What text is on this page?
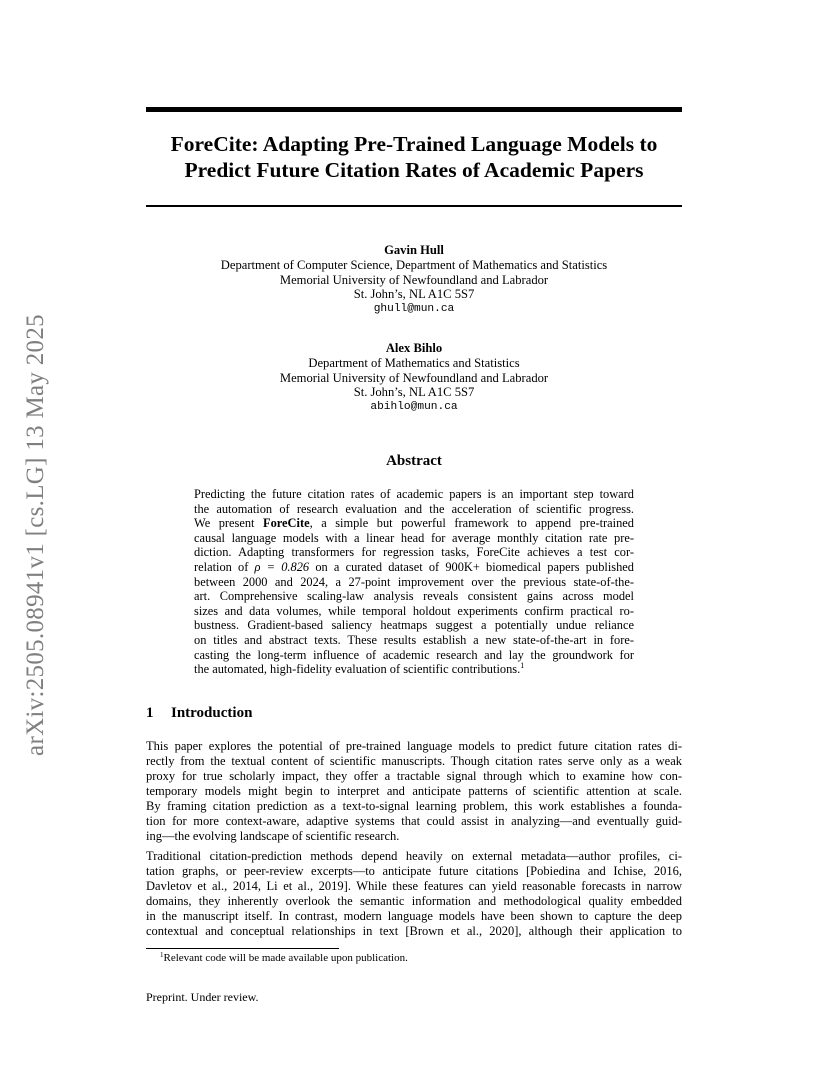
arXiv:2505.08941v1 [cs.LG] 13 May 2025
ForeCite: Adapting Pre-Trained Language Models to
Predict Future Citation Rates of Academic Papers
Gavin Hull
Department of Computer Science, Department of Mathematics and Statistics
Memorial University of Newfoundland and Labrador
St. John’s, NL A1C 5S7
ghull@mun.ca
Alex Bihlo
Department of Mathematics and Statistics
Memorial University of Newfoundland and Labrador
St. John’s, NL A1C 5S7
abihlo@mun.ca
Abstract
Predicting the future citation rates of academic papers is an important step toward
the automation of research evaluation and the acceleration of scientific progress.
We present ForeCite, a simple but powerful framework to append pre-trained
causal language models with a linear head for average monthly citation rate pre-
diction. Adapting transformers for regression tasks, ForeCite achieves a test cor-
relation of ρ = 0.826 on a curated dataset of 900K+ biomedical papers published
between 2000 and 2024, a 27-point improvement over the previous state-of-the-
art. Comprehensive scaling-law analysis reveals consistent gains across model
sizes and data volumes, while temporal holdout experiments confirm practical ro-
bustness. Gradient-based saliency heatmaps suggest a potentially undue reliance
on titles and abstract texts. These results establish a new state-of-the-art in fore-
casting the long-term influence of academic research and lay the groundwork for
the automated, high-fidelity evaluation of scientific contributions.$^1$
1 Introduction
This paper explores the potential of pre-trained language models to predict future citation rates di-
rectly from the textual content of scientific manuscripts. Though citation rates serve only as a weak
proxy for true scholarly impact, they offer a tractable signal through which to examine how con-
temporary models might begin to interpret and anticipate patterns of scientific attention at scale.
By framing citation prediction as a text-to-signal learning problem, this work establishes a founda-
tion for more context-aware, adaptive systems that could assist in analyzing—and eventually guid-
ing—the evolving landscape of scientific research.
Traditional citation-prediction methods depend heavily on external metadata—author profiles, ci-
tation graphs, or peer-review excerpts—to anticipate future citations [Pobiedina and Ichise, 2016,
Davletov et al., 2014, Li et al., 2019]. While these features can yield reasonable forecasts in narrow
domains, they inherently overlook the semantic information and methodological quality embedded
in the manuscript itself. In contrast, modern language models have been shown to capture the deep
contextual and conceptual relationships in text [Brown et al., 2020], although their application to
$^1$Relevant code will be made available upon publication.
Preprint. Under review.
